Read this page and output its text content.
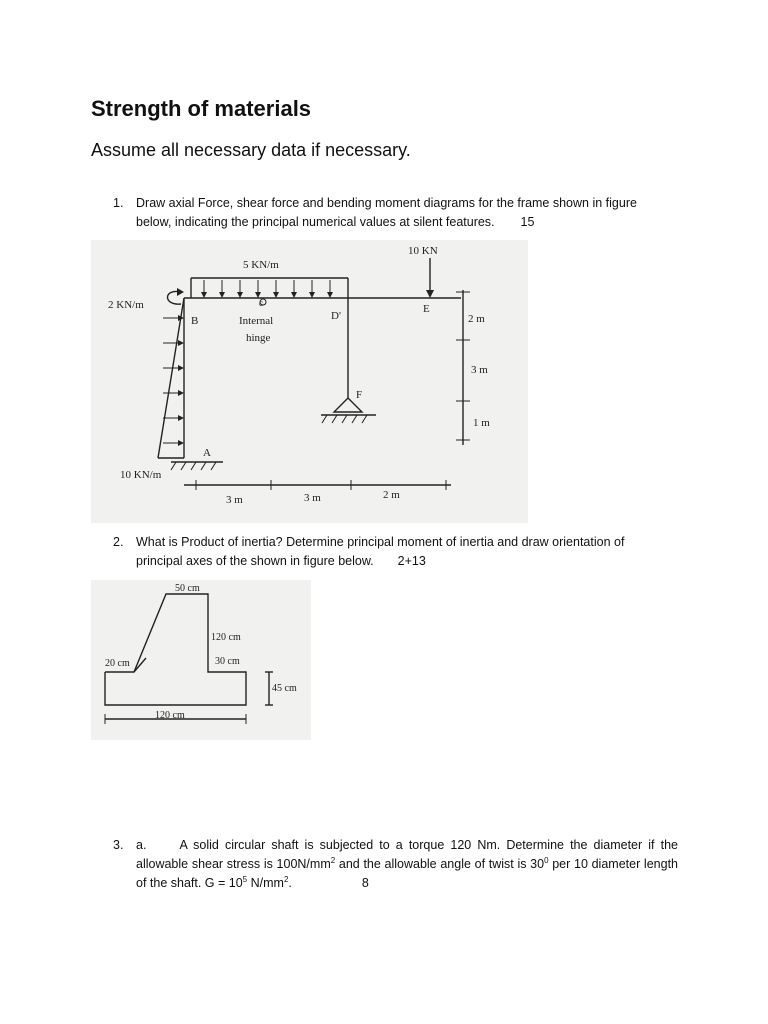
Strength of materials

Assume all necessary data if necessary.

1. Draw axial Force, shear force and bending moment diagrams for the frame shown in figure below, indicating the principal numerical values at silent features. 15
5 KN/m
10 KN
2 KN/m
10 KN/m
B
A
D'
E
F
c
Internal
hinge
2 m
3 m
1 m
3 m	3 m	2 m
2. What is Product of inertia? Determine principal moment of inertia and draw orientation of principal axes of the shown in figure below. 2+13
50 cm
120 cm
30 cm
20 cm
45 cm
120 cm
3. a.	A solid circular shaft is subjected to a torque 120 Nm. Determine the diameter if the allowable shear stress is $100N/mm^2$ and the allowable angle of twist is $30^0$ per 10 diameter length of the shaft. $G = 10^5$ $N/mm^2$.	8
